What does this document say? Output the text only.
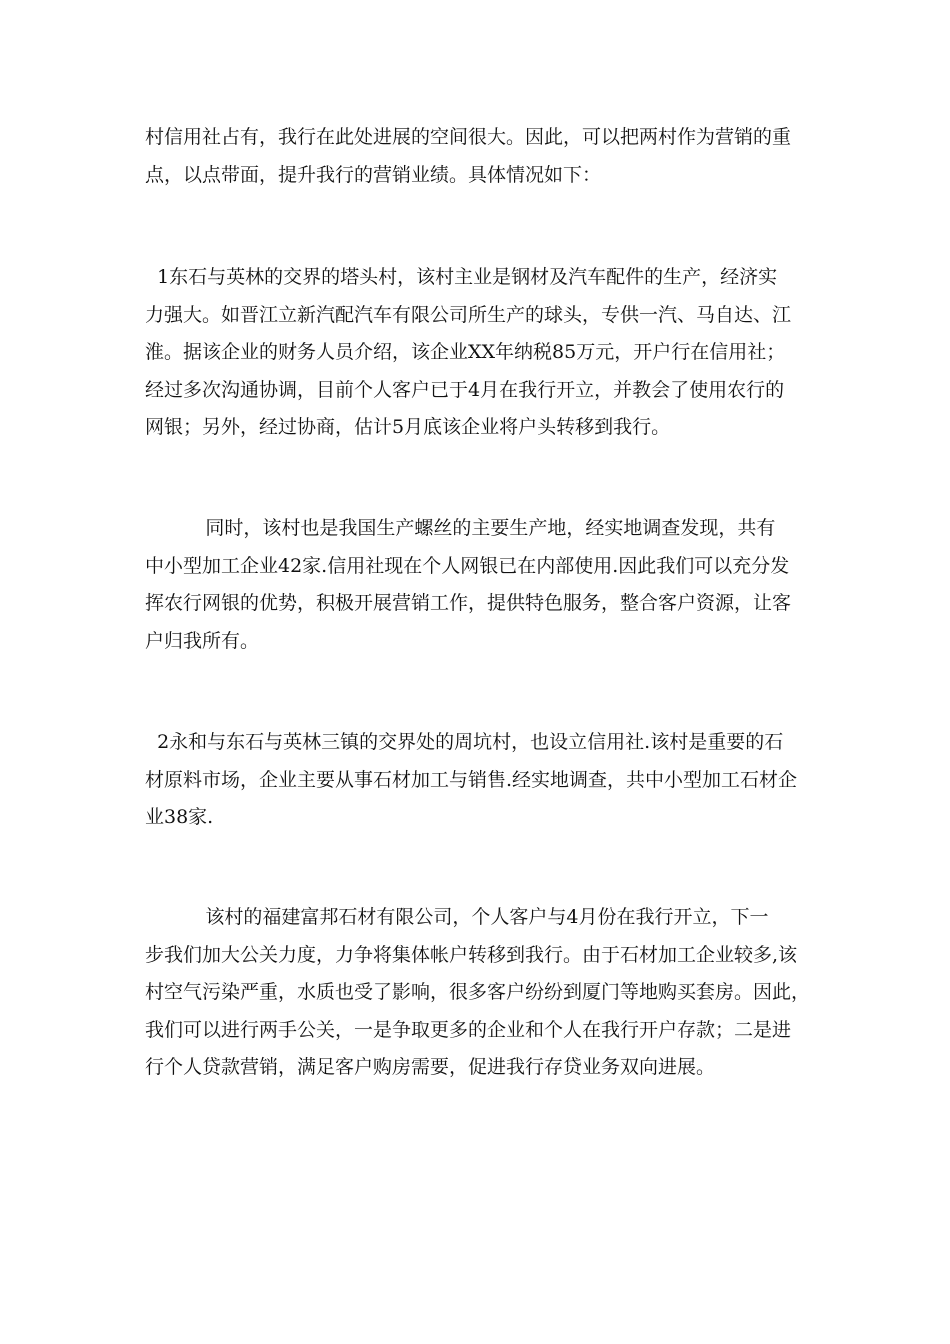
村信用社占有，我行在此处进展的空间很大。因此，可以把两村作为营销的重
点，以点带面，提升我行的营销业绩。具体情况如下：
1东石与英林的交界的塔头村，该村主业是钢材及汽车配件的生产，经济实
力强大。如晋江立新汽配汽车有限公司所生产的球头，专供一汽、马自达、江
淮。据该企业的财务人员介绍，该企业XX年纳税85万元，开户行在信用社；
经过多次沟通协调，目前个人客户已于4月在我行开立，并教会了使用农行的
网银；另外，经过协商，估计5月底该企业将户头转移到我行。
同时，该村也是我国生产螺丝的主要生产地，经实地调查发现，共有
中小型加工企业42家.信用社现在个人网银已在内部使用.因此我们可以充分发
挥农行网银的优势，积极开展营销工作，提供特色服务，整合客户资源，让客
户归我所有。
2永和与东石与英林三镇的交界处的周坑村，也设立信用社.该村是重要的石
材原料市场，企业主要从事石材加工与销售.经实地调查，共中小型加工石材企
业38家.
该村的福建富邦石材有限公司，个人客户与4月份在我行开立，下一
步我们加大公关力度，力争将集体帐户转移到我行。由于石材加工企业较多,该
村空气污染严重，水质也受了影响，很多客户纷纷到厦门等地购买套房。因此，
我们可以进行两手公关，一是争取更多的企业和个人在我行开户存款；二是进
行个人贷款营销，满足客户购房需要，促进我行存贷业务双向进展。
